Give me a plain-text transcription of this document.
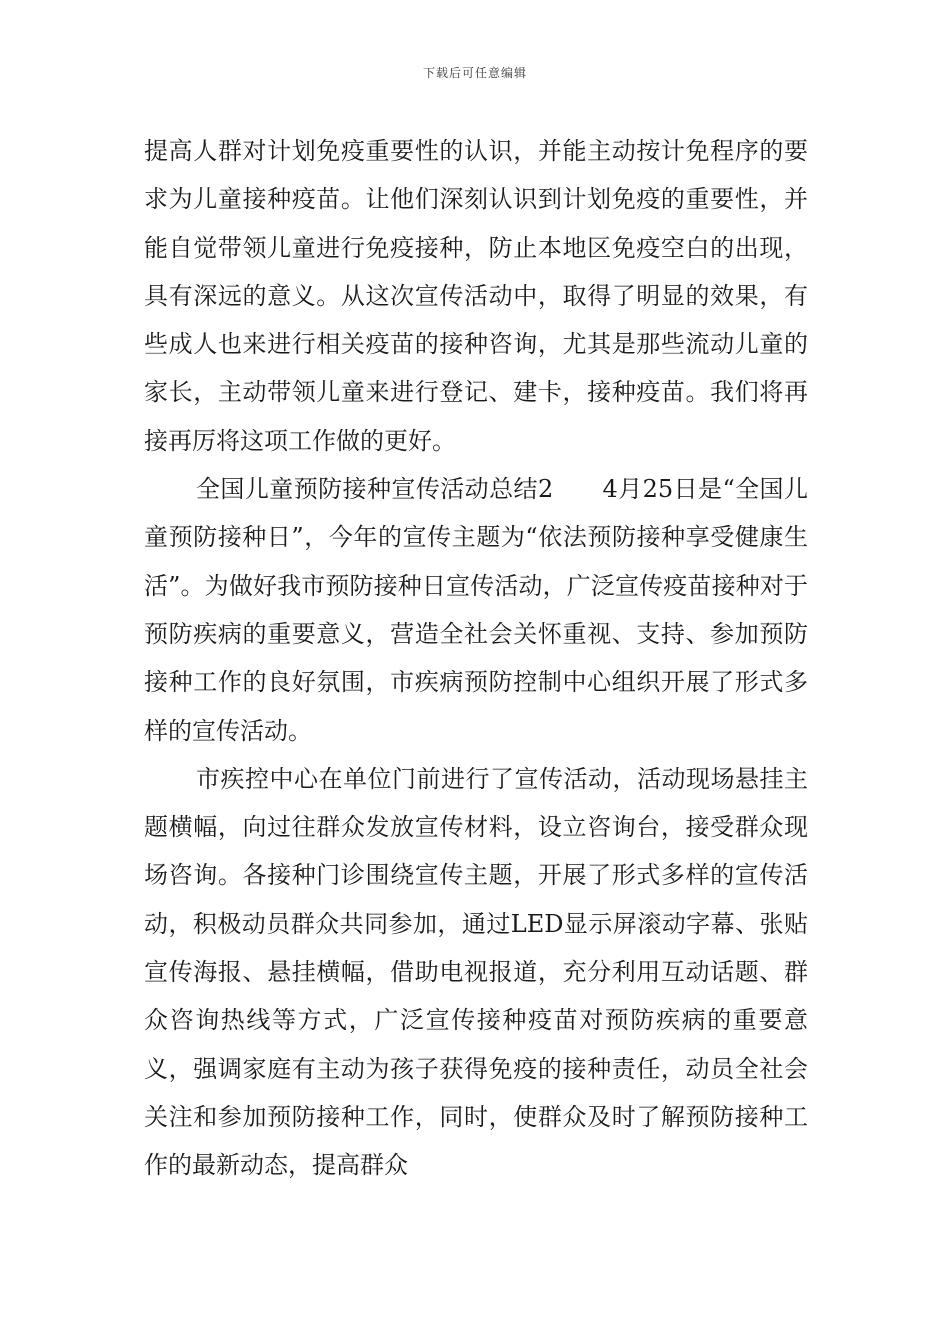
下载后可任意编辑

提高人群对计划免疫重要性的认识，并能主动按计免程序的要求为儿童接种疫苗。让他们深刻认识到计划免疫的重要性，并能自觉带领儿童进行免疫接种，防止本地区免疫空白的出现，具有深远的意义。从这次宣传活动中，取得了明显的效果，有些成人也来进行相关疫苗的接种咨询，尤其是那些流动儿童的家长，主动带领儿童来进行登记、建卡，接种疫苗。我们将再接再厉将这项工作做的更好。

全国儿童预防接种宣传活动总结2　　4月25日是“全国儿童预防接种日”，今年的宣传主题为“依法预防接种享受健康生活”。为做好我市预防接种日宣传活动，广泛宣传疫苗接种对于预防疾病的重要意义，营造全社会关怀重视、支持、参加预防接种工作的良好氛围，市疾病预防控制中心组织开展了形式多样的宣传活动。

市疾控中心在单位门前进行了宣传活动，活动现场悬挂主题横幅，向过往群众发放宣传材料，设立咨询台，接受群众现场咨询。各接种门诊围绕宣传主题，开展了形式多样的宣传活动，积极动员群众共同参加，通过LED显示屏滚动字幕、张贴宣传海报、悬挂横幅，借助电视报道，充分利用互动话题、群众咨询热线等方式，广泛宣传接种疫苗对预防疾病的重要意义，强调家庭有主动为孩子获得免疫的接种责任，动员全社会关注和参加预防接种工作，同时，使群众及时了解预防接种工作的最新动态，提高群众
